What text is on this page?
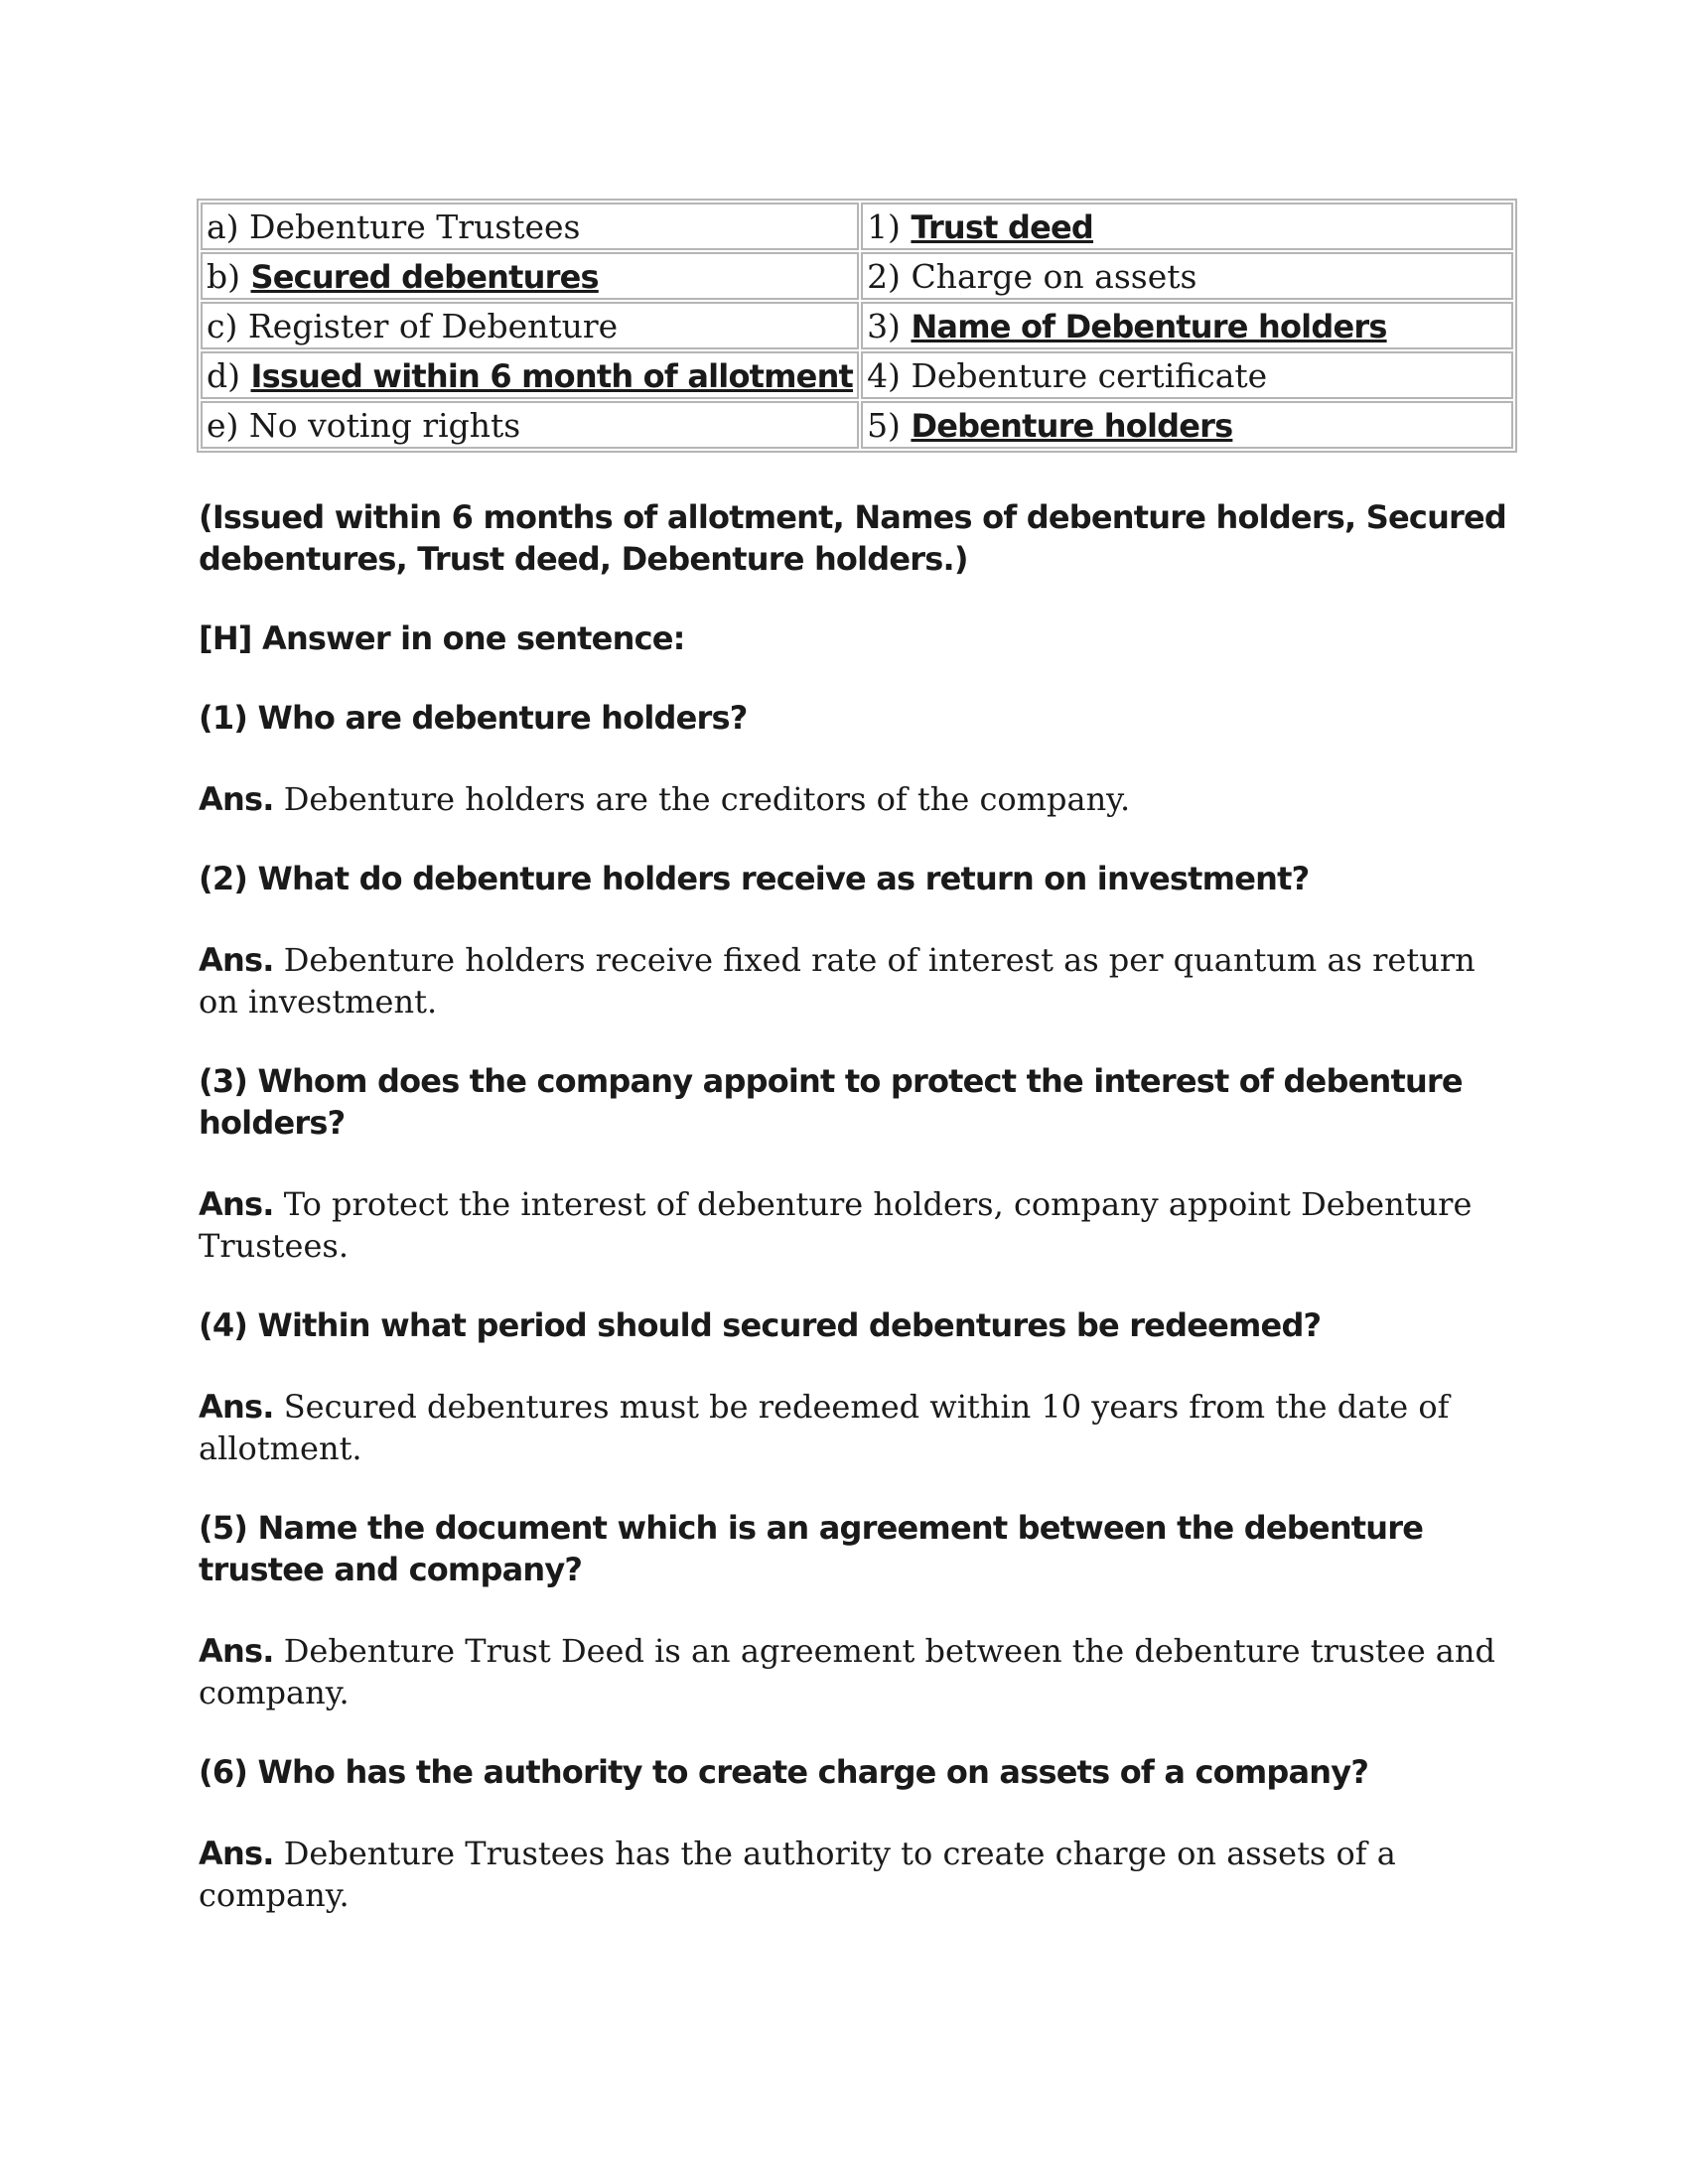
a) Debenture Trustees	1) Trust deed
b) Secured debentures	2) Charge on assets
c) Register of Debenture	3) Name of Debenture holders
d) Issued within 6 month of allotment	4) Debenture certificate
e) No voting rights	5) Debenture holders

(Issued within 6 months of allotment, Names of debenture holders, Secured debentures, Trust deed, Debenture holders.)

[H] Answer in one sentence:

(1) Who are debenture holders?

Ans. Debenture holders are the creditors of the company.

(2) What do debenture holders receive as return on investment?

Ans. Debenture holders receive fixed rate of interest as per quantum as return on investment.

(3) Whom does the company appoint to protect the interest of debenture holders?

Ans. To protect the interest of debenture holders, company appoint Debenture Trustees.

(4) Within what period should secured debentures be redeemed?

Ans. Secured debentures must be redeemed within 10 years from the date of allotment.

(5) Name the document which is an agreement between the debenture trustee and company?

Ans. Debenture Trust Deed is an agreement between the debenture trustee and company.

(6) Who has the authority to create charge on assets of a company?

Ans. Debenture Trustees has the authority to create charge on assets of a company.
